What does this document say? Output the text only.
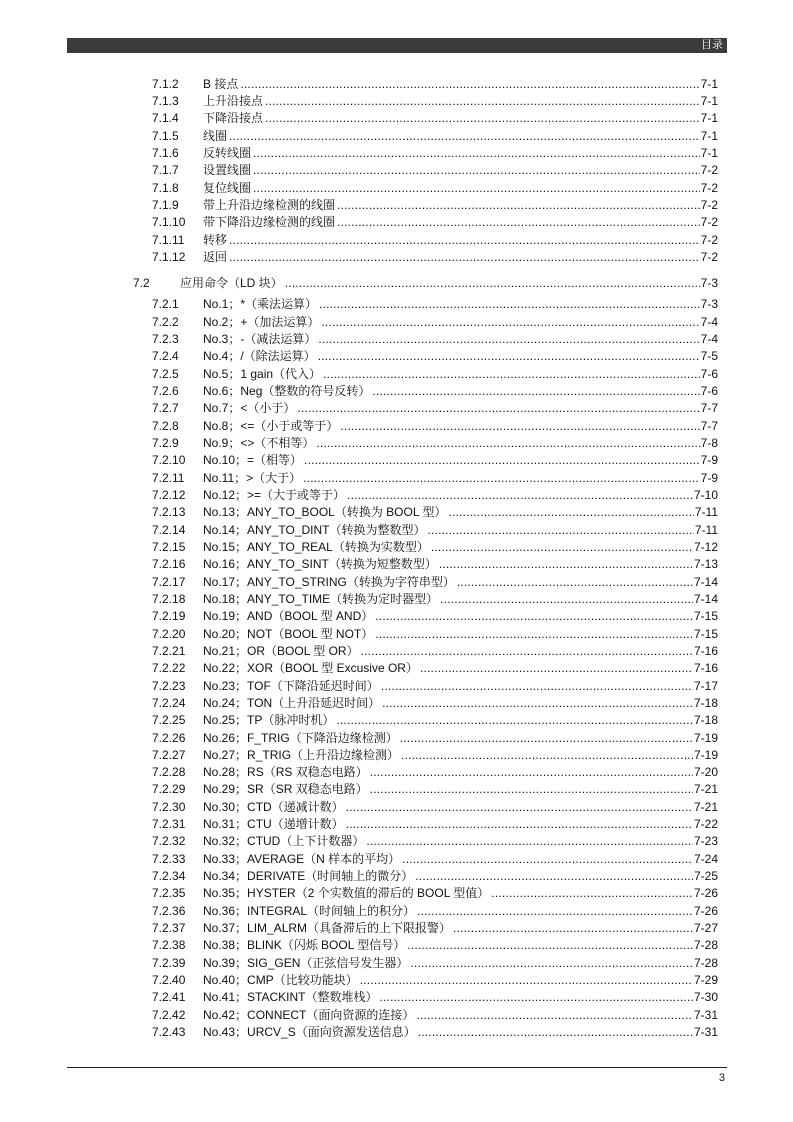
目录
7.1.2	B 接点 .....	7-1
7.1.3	上升沿接点 .....	7-1
7.1.4	下降沿接点 .....	7-1
7.1.5	线圈 .....	7-1
7.1.6	反转线圈 .....	7-1
7.1.7	设置线圈 .....	7-2
7.1.8	复位线圈 .....	7-2
7.1.9	带上升沿边缘检测的线圈 .....	7-2
7.1.10	带下降沿边缘检测的线圈 .....	7-2
7.1.11	转移 .....	7-2
7.1.12	返回 .....	7-2
7.2	应用命令（LD 块） .....	7-3
7.2.1	No.1；*（乘法运算） .....	7-3
7.2.2	No.2；+（加法运算） .....	7-4
7.2.3	No.3；-（减法运算） .....	7-4
7.2.4	No.4；/（除法运算） .....	7-5
7.2.5	No.5；1 gain（代入） .....	7-6
7.2.6	No.6；Neg（整数的符号反转） .....	7-6
7.2.7	No.7；<（小于） .....	7-7
7.2.8	No.8；<=（小于或等于） .....	7-7
7.2.9	No.9；<>（不相等） .....	7-8
7.2.10	No.10；=（相等） .....	7-9
7.2.11	No.11；>（大于） .....	7-9
7.2.12	No.12；>=（大于或等于） .....	7-10
7.2.13	No.13；ANY_TO_BOOL（转换为 BOOL 型） .....	7-11
7.2.14	No.14；ANY_TO_DINT（转换为整数型） .....	7-11
7.2.15	No.15；ANY_TO_REAL（转换为实数型） .....	7-12
7.2.16	No.16；ANY_TO_SINT（转换为短整数型） .....	7-13
7.2.17	No.17；ANY_TO_STRING（转换为字符串型） .....	7-14
7.2.18	No.18；ANY_TO_TIME（转换为定时器型） .....	7-14
7.2.19	No.19；AND（BOOL 型 AND） .....	7-15
7.2.20	No.20；NOT（BOOL 型 NOT） .....	7-15
7.2.21	No.21；OR（BOOL 型 OR） .....	7-16
7.2.22	No.22；XOR（BOOL 型 Excusive OR） .....	7-16
7.2.23	No.23；TOF（下降沿延迟时间） .....	7-17
7.2.24	No.24；TON（上升沿延迟时间） .....	7-18
7.2.25	No.25；TP（脉冲时机） .....	7-18
7.2.26	No.26；F_TRIG（下降沿边缘检测） .....	7-19
7.2.27	No.27；R_TRIG（上升沿边缘检测） .....	7-19
7.2.28	No.28；RS（RS 双稳态电路） .....	7-20
7.2.29	No.29；SR（SR 双稳态电路） .....	7-21
7.2.30	No.30；CTD（递减计数） .....	7-21
7.2.31	No.31；CTU（递增计数） .....	7-22
7.2.32	No.32；CTUD（上下计数器） .....	7-23
7.2.33	No.33；AVERAGE（N 样本的平均） .....	7-24
7.2.34	No.34；DERIVATE（时间轴上的微分） .....	7-25
7.2.35	No.35；HYSTER（2 个实数值的滞后的 BOOL 型值） .....	7-26
7.2.36	No.36；INTEGRAL（时间轴上的积分） .....	7-26
7.2.37	No.37；LIM_ALRM（具备滞后的上下限报警） .....	7-27
7.2.38	No.38；BLINK（闪烁 BOOL 型信号） .....	7-28
7.2.39	No.39；SIG_GEN（正弦信号发生器） .....	7-28
7.2.40	No.40；CMP（比较功能块） .....	7-29
7.2.41	No.41；STACKINT（整数堆栈） .....	7-30
7.2.42	No.42；CONNECT（面向资源的连接） .....	7-31
7.2.43	No.43；URCV_S（面向资源发送信息） .....	7-31
3
